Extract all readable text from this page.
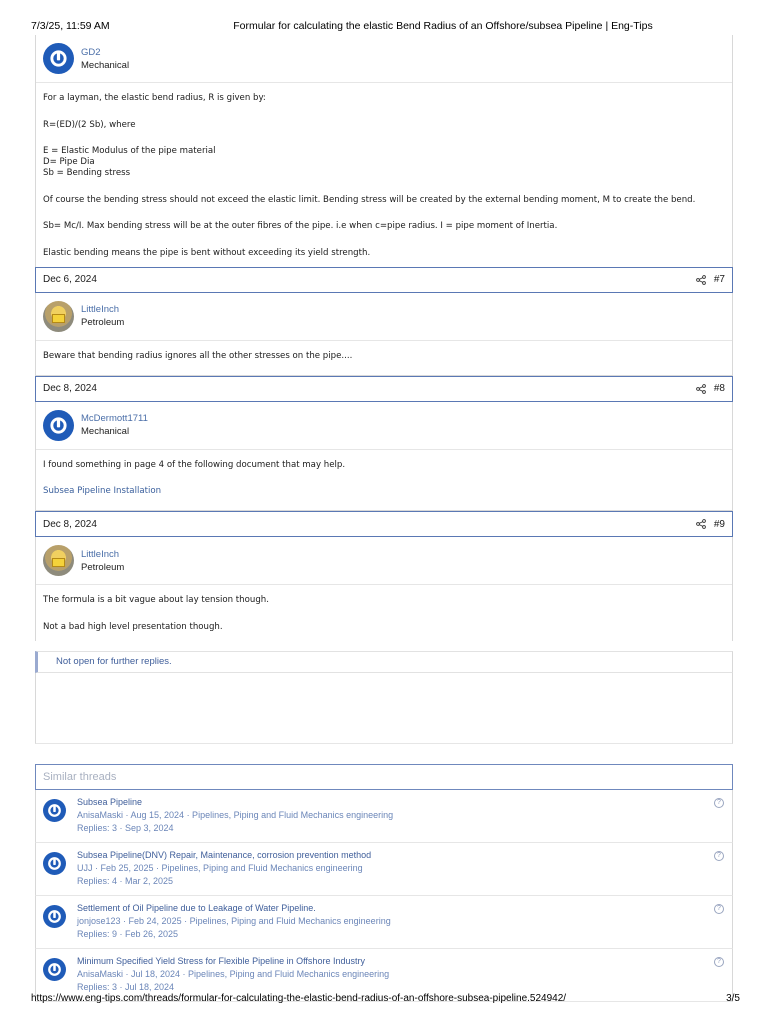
7/3/25, 11:59 AM	Formular for calculating the elastic Bend Radius of an Offshore/subsea Pipeline | Eng-Tips
GD2
Mechanical

For a layman, the elastic bend radius, R is given by:

R=(ED)/(2 Sb), where

E = Elastic Modulus of the pipe material
D= Pipe Dia
Sb = Bending stress

Of course the bending stress should not exceed the elastic limit. Bending stress will be created by the external bending moment, M to create the bend.

Sb= Mc/I. Max bending stress will be at the outer fibres of the pipe. i.e when c=pipe radius. I = pipe moment of Inertia.

Elastic bending means the pipe is bent without exceeding its yield strength.

Dec 6, 2024	#7
LittleInch
Petroleum

Beware that bending radius ignores all the other stresses on the pipe....

Dec 8, 2024	#8
McDermott1711
Mechanical

I found something in page 4 of the following document that may help.

Subsea Pipeline Installation

Dec 8, 2024	#9
LittleInch
Petroleum

The formula is a bit vague about lay tension though.

Not a bad high level presentation though.

Not open for further replies.
Similar threads
Subsea Pipeline
AnisaMaski · Aug 15, 2024 · Pipelines, Piping and Fluid Mechanics engineering
Replies: 3 · Sep 3, 2024
?
Subsea Pipeline(DNV) Repair, Maintenance, corrosion prevention method
UJJ · Feb 25, 2025 · Pipelines, Piping and Fluid Mechanics engineering
Replies: 4 · Mar 2, 2025
?
Settlement of Oil Pipeline due to Leakage of Water Pipeline.
jonjose123 · Feb 24, 2025 · Pipelines, Piping and Fluid Mechanics engineering
Replies: 9 · Feb 26, 2025
?
Minimum Specified Yield Stress for Flexible Pipeline in Offshore Industry
AnisaMaski · Jul 18, 2024 · Pipelines, Piping and Fluid Mechanics engineering
Replies: 3 · Jul 18, 2024
?
https://www.eng-tips.com/threads/formular-for-calculating-the-elastic-bend-radius-of-an-offshore-subsea-pipeline.524942/	3/5
